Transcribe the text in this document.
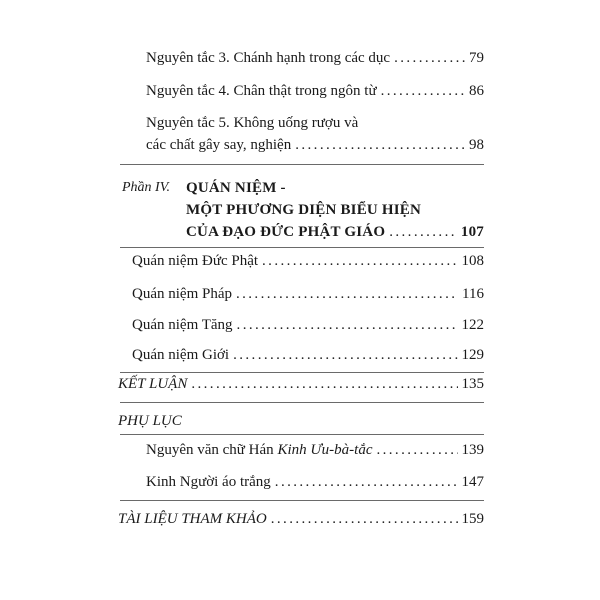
Nguyên tắc 3. Chánh hạnh trong các dục .....	79
Nguyên tắc 4. Chân thật trong ngôn từ .....	86
Nguyên tắc 5. Không uống rượu và
các chất gây say, nghiện .....	98
Phần IV. QUÁN NIỆM -
MỘT PHƯƠNG DIỆN BIỂU HIỆN
CỦA ĐẠO ĐỨC PHẬT GIÁO .....	107
Quán niệm Đức Phật .....	108
Quán niệm Pháp .....	116
Quán niệm Tăng .....	122
Quán niệm Giới .....	129
KẾT LUẬN .....	135
PHỤ LỤC
Nguyên văn chữ Hán Kinh Ưu-bà-tắc .....	139
Kinh Người áo trắng .....	147
TÀI LIỆU THAM KHẢO .....	159
